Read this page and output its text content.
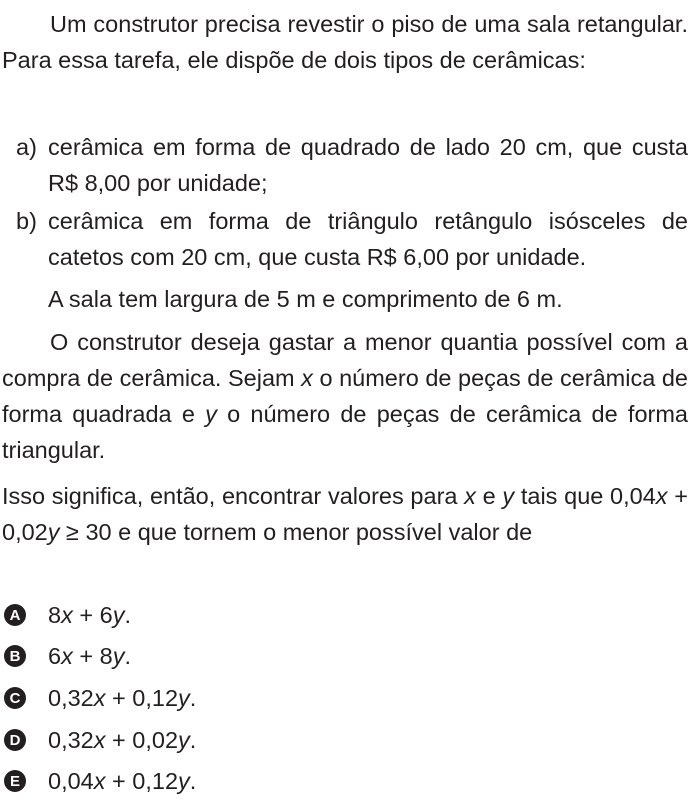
Um construtor precisa revestir o piso de uma sala retangular. Para essa tarefa, ele dispõe de dois tipos de cerâmicas:

a) cerâmica em forma de quadrado de lado 20 cm, que custa R$ 8,00 por unidade;
b) cerâmica em forma de triângulo retângulo isósceles de catetos com 20 cm, que custa R$ 6,00 por unidade.

A sala tem largura de 5 m e comprimento de 6 m.

O construtor deseja gastar a menor quantia possível com a compra de cerâmica. Sejam x o número de peças de cerâmica de forma quadrada e y o número de peças de cerâmica de forma triangular.

Isso significa, então, encontrar valores para x e y tais que 0,04x + 0,02y ≥ 30 e que tornem o menor possível valor de

A 8x + 6y.
B 6x + 8y.
C 0,32x + 0,12y.
D 0,32x + 0,02y.
E 0,04x + 0,12y.
